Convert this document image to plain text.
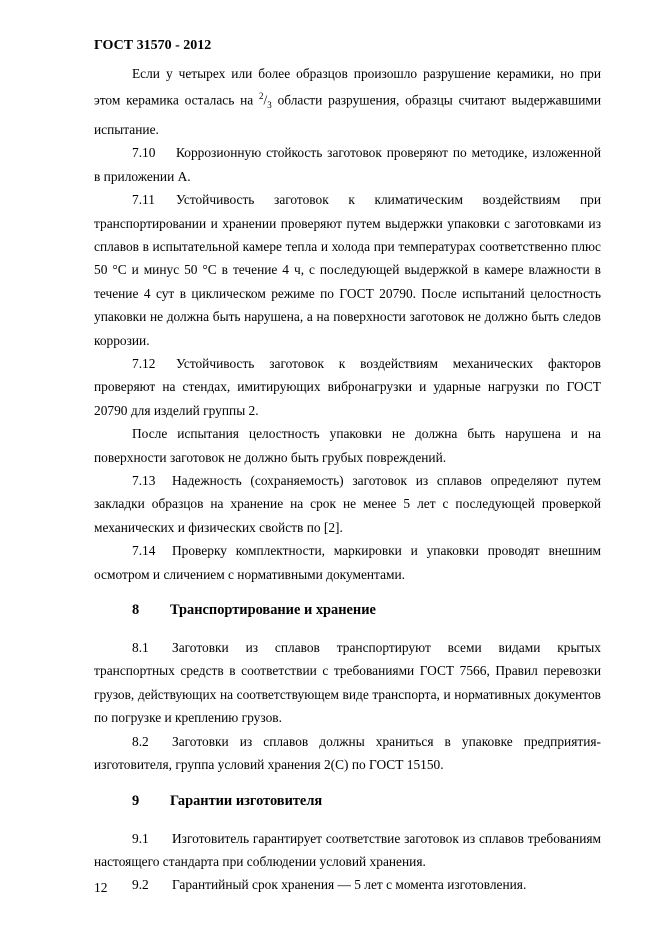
ГОСТ 31570 - 2012

Если у четырех или более образцов произошло разрушение керамики, но при этом керамика осталась на $^2/_3$ области разрушения, образцы считают выдержавшими испытание.

7.10 Коррозионную стойкость заготовок проверяют по методике, изложенной в приложении А.

7.11 Устойчивость заготовок к климатическим воздействиям при транспортировании и хранении проверяют путем выдержки упаковки с заготовками из сплавов в испытательной камере тепла и холода при температурах соответственно плюс 50 °С и минус 50 °С в течение 4 ч, с последующей выдержкой в камере влажности в течение 4 сут в циклическом режиме по ГОСТ 20790. После испытаний целостность упаковки не должна быть нарушена, а на поверхности заготовок не должно быть следов коррозии.

7.12 Устойчивость заготовок к воздействиям механических факторов проверяют на стендах, имитирующих вибронагрузки и ударные нагрузки по ГОСТ 20790 для изделий группы 2.

После испытания целостность упаковки не должна быть нарушена и на поверхности заготовок не должно быть грубых повреждений.

7.13 Надежность (сохраняемость) заготовок из сплавов определяют путем закладки образцов на хранение на срок не менее 5 лет с последующей проверкой механических и физических свойств по [2].

7.14 Проверку комплектности, маркировки и упаковки проводят внешним осмотром и сличением с нормативными документами.

8 Транспортирование и хранение

8.1 Заготовки из сплавов транспортируют всеми видами крытых транспортных средств в соответствии с требованиями ГОСТ 7566, Правил перевозки грузов, действующих на соответствующем виде транспорта, и нормативных документов по погрузке и креплению грузов.

8.2 Заготовки из сплавов должны храниться в упаковке предприятия-изготовителя, группа условий хранения 2(С) по ГОСТ 15150.

9 Гарантии изготовителя

9.1 Изготовитель гарантирует соответствие заготовок из сплавов требованиям настоящего стандарта при соблюдении условий хранения.

9.2 Гарантийный срок хранения — 5 лет с момента изготовления.

12
